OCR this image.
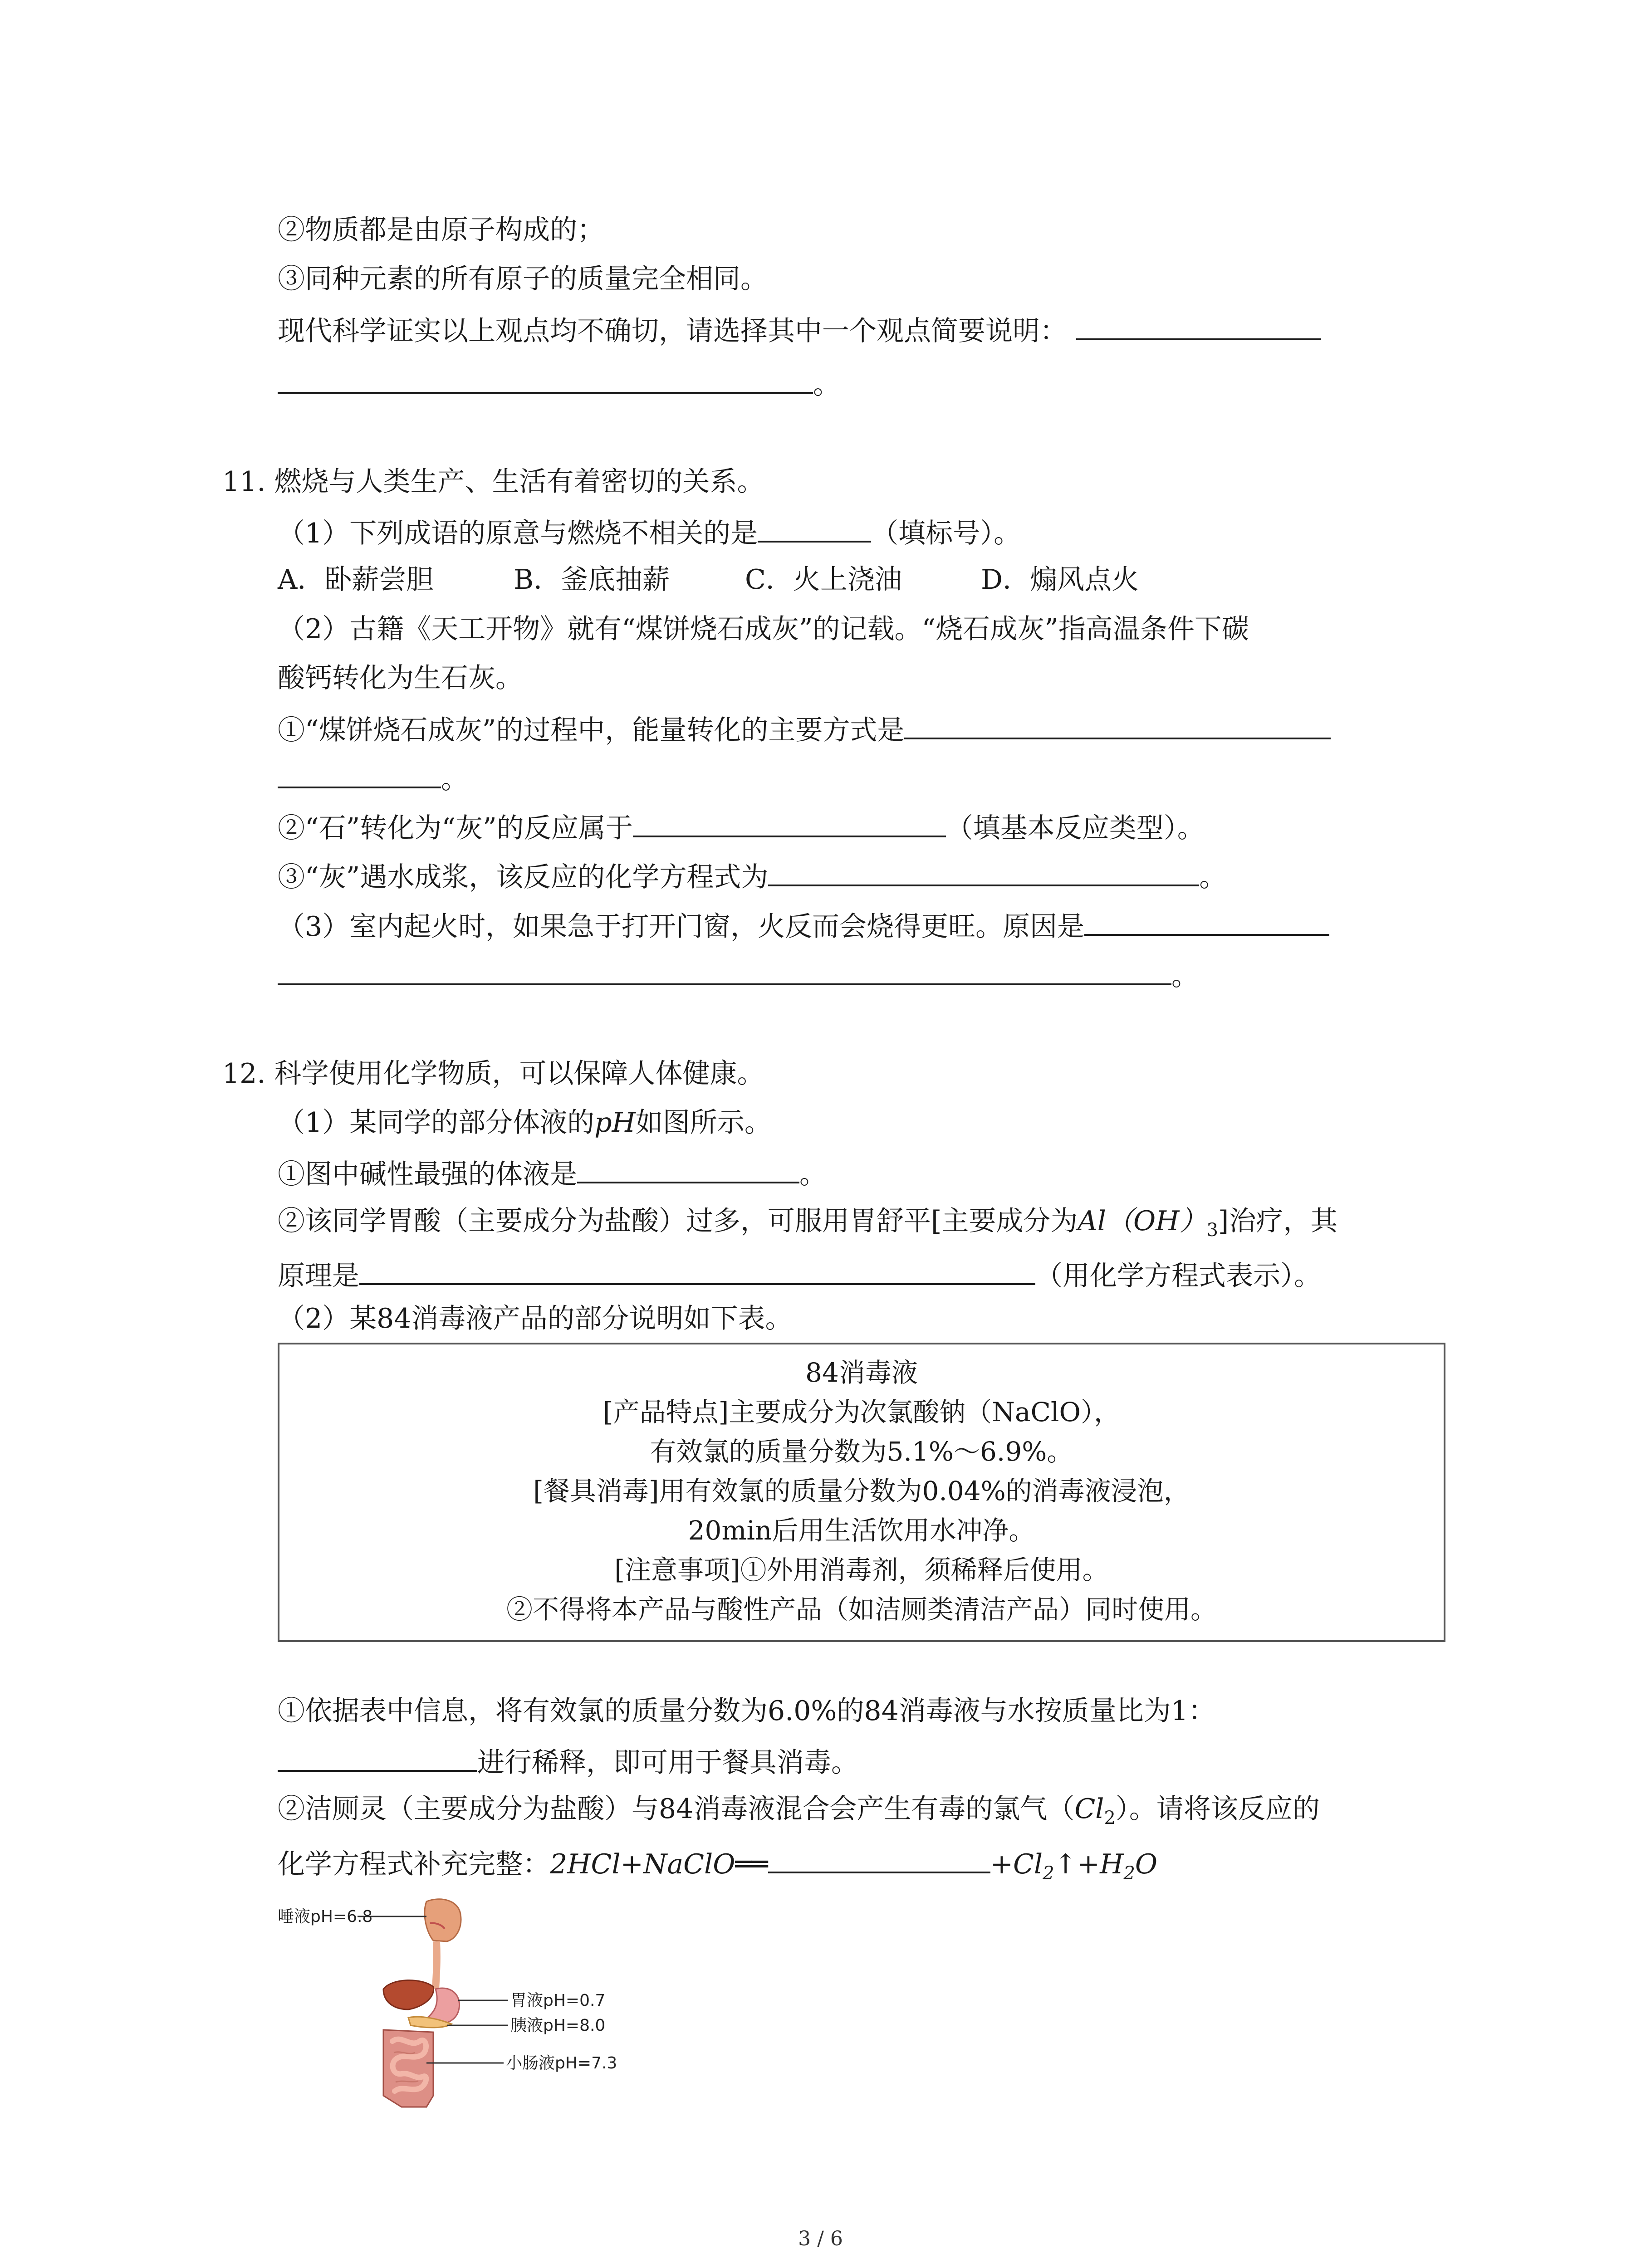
②物质都是由原子构成的；
③同种元素的所有原子的质量完全相同。
现代科学证实以上观点均不确切，请选择其中一个观点简要说明：
。
11. 燃烧与人类生产、生活有着密切的关系。
（1）下列成语的原意与燃烧不相关的是	（填标号）。
A．卧薪尝胆	B．釜底抽薪	C．火上浇油	D．煽风点火
（2）古籍《天工开物》就有“煤饼烧石成灰”的记载。“烧石成灰”指高温条件下碳
酸钙转化为生石灰。
①“煤饼烧石成灰”的过程中，能量转化的主要方式是
。
②“石”转化为“灰”的反应属于	（填基本反应类型）。
③“灰”遇水成浆，该反应的化学方程式为	。
（3）室内起火时，如果急于打开门窗，火反而会烧得更旺。原因是
。
12. 科学使用化学物质，可以保障人体健康。
（1）某同学的部分体液的pH如图所示。
①图中碱性最强的体液是	。
②该同学胃酸（主要成分为盐酸）过多，可服用胃舒平[主要成分为$Al(OH)_3$]治疗，其
原理是	（用化学方程式表示）。
（2）某84消毒液产品的部分说明如下表。
84消毒液
[产品特点]主要成分为次氯酸钠（NaClO），
有效氯的质量分数为5.1%～6.9%。
[餐具消毒]用有效氯的质量分数为0.04%的消毒液浸泡，
20min后用生活饮用水冲净。
[注意事项]①外用消毒剂，须稀释后使用。
②不得将本产品与酸性产品（如洁厕类清洁产品）同时使用。
①依据表中信息，将有效氯的质量分数为6.0%的84消毒液与水按质量比为1：
进行稀释，即可用于餐具消毒。
②洁厕灵（主要成分为盐酸）与84消毒液混合会产生有毒的氯气$(Cl_2)$。请将该反应的
化学方程式补充完整：2HCl+NaClO══	$+Cl_2↑+H_2O$
唾液pH=6.8
胃液pH=0.7
胰液pH=8.0
小肠液pH=7.3
3 / 6
